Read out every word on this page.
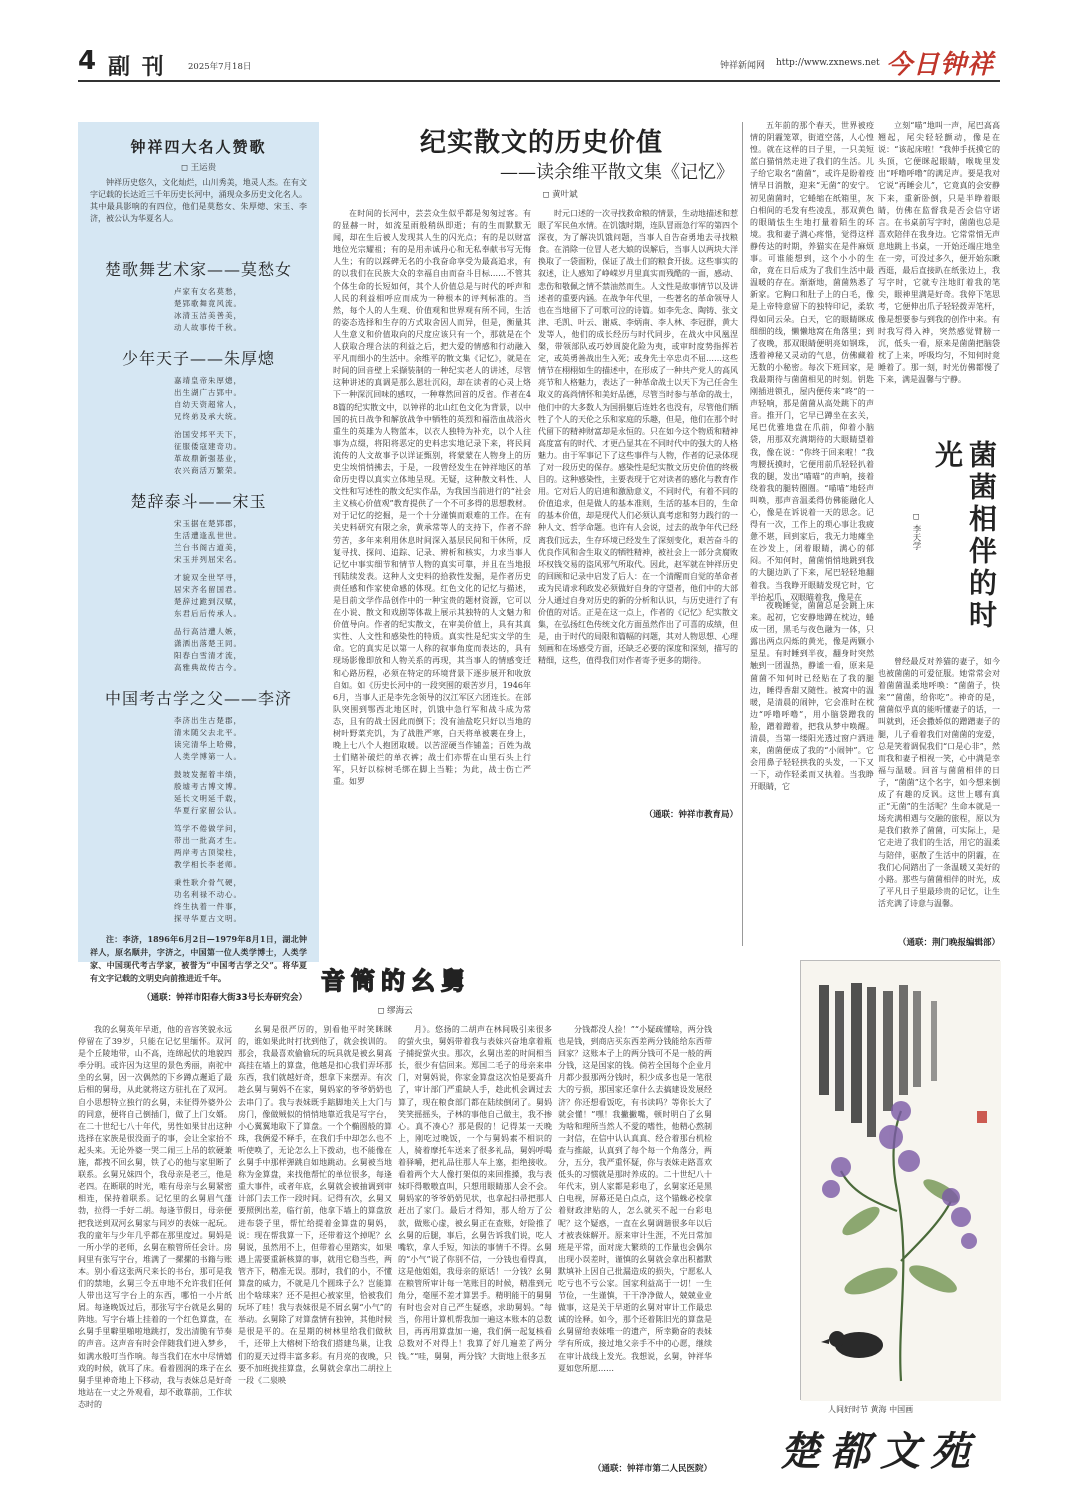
4 副 刊	2025年7月18日	钟祥新闻网 http://www.zxnews.net 今日钟祥
钟祥四大名人赞歌
◻ 王运贵

钟祥历史悠久，文化灿烂，山川秀美，地灵人杰。在有文字记载的长达近三千年历史长河中，涌现众多历史文化名人。其中最具影响的有四位，他们是莫愁女、朱厚熜、宋玉、李济，被公认为华夏名人。

楚歌舞艺术家——莫愁女
卢家有女名莫愁，
楚郢歌舞竟风流。
冰清玉洁美善美，
动人故事传千秋。
少年天子——朱厚熜
嘉靖皇帝朱厚熜，
出生湖广古郢中。
自幼天资超常人，
兄终弟及承大统。
治国安邦平天下，
征服倭寇建奇功。
革故鼎新强基业，
农兴商活万繁荣。
楚辞泰斗——宋玉
宋玉据在楚郢郡，
生活遭逢乱世世。
兰台书阁古道美，
宋玉并列屈宋名。
才貌双全世罕寻，
居宋齐名留国君。
楚辞过跪到汉赋，
东君后后传承人。
品行高洁遭人嫉，
潇洒出落楚王同。
阳春白雪清才流，
高雅典故传古今。
中国考古学之父——李济
李济出生古楚郡，
清末随父去北平。
读完清华上哈佛，
人类学博第一人。
鼓坡发掘着丰绩，
殷墟考古博文博。
延长文明延千载，
华夏行家留公认。
笃学不倦做学问，
带出一批高才生。
两岸考古顶梁柱，
教学相长李老师。
秉性耿介骨气硬，
功名利禄不动心。
终生执着一件事，
探寻华夏古文明。

注：李济，1896年6月2日—1979年8月1日，湖北钟祥人，原名顺井，字济之，中国第一位人类学博士，人类学家、中国现代考古学家，被誉为“中国考古学之父”。将华夏有文字记载的文明史向前推进近千年。

（通联：钟祥市阳春大街33号长寿研究会）
纪实散文的历史价值
——读余维平散文集《记忆》
◻ 黄叶斌

在时间的长河中，芸芸众生似乎都是匆匆过客。有的显赫一时，如流星雨般稍纵即逝；有的生而默默无闻，却在生后被人发现其人生的闪光点；有的是以财富地位光宗耀祖；有的是用赤诚丹心和无私奉献书写无悔人生；有的以踩碑无名的小我奋命享受为最高追求，有的以我们在民族大众的幸福自由而奋斗目标……不管其个体生命的长短如何，其个人价值总是与时代的呼声和人民的利益相呼应而成为一种根本的评判标准的。当然，每个人的人生观、价值观和世界观有所不同，生活的姿态选择和生存的方式取舍因人而异，但是，衡量其人生意义和价值取向的尺度应该只有一个，那就是在个人获取合理合法的利益之后，把大爱的情感和行动融入平凡而细小的生活中。余维平的散文集《记忆》，就是在时间的回音壁上采撷装制的一种纪实老人的讲述，尽管这种讲述的真调是那么恩壮沉闷，却在读者的心灵上烙下一种深沉回味的感叹，一种尊然回首的反省。作者在48篇的纪实散文中，以钟祥的北山红色文化为背景，以中国的抗日战争和解放战争中牺牲的英烈和福浩血战浴火重生的英雄为人物蓝本，以衣人独特为补充，以个人往事为点缀，将阳将恶定的史料忠实地记录下来，将民间流传的人文故事予以详证甄别，将蒙蒙在人物身上的历史尘埃悄悄拂去，于是，一段曾经发生在钟祥地区的革命历史得以真实立体地呈现。无疑，这种散文料性、人文性和写述性的散文纪实作品，为我国当前进行的“社会主义核心价值观”教育提供了一个不可多得的思想教材。对于记忆的挖掘，是一个十分谨慎而艰难的工作。在有关史料研究有限之余，黄承常等人的支持下，作者不辞劳苦，多年来利用休息时间深入基层民间和干休所，反复寻找、探问、追踪、记录、辨析和核实，力求当事人记忆中事实细节和情节人物的真实可靠，并且在当地报刊陆续发表。这种人文史料的拾救性发掘，是作者历史责任感和作家使命感的体现。红色文化的记忆与描述，是目前文学作品创作中的一种宝贵的题材资源，它可以在小说、散文和戏剧等体裁上展示其独特的人文魅力和价值导向。作者的纪实散文，在审美价值上，具有其真实性、人文性和感染性的特质。真实性是纪实文学的生命。它的真实足以第一人称的叙事角度而表达的，具有现场影像即放和人物关系的再现，其当事人的情感变迁和心路历程，必须在特定的环境背景下逐步展开和收放自如。如《历史长河中的一段突围的艰苦岁月，1946年6月，当事人正是李先念领导的汉江军区六团连长。在部队突围到鄂西北地区时，饥饿中急行军和战斗成为常态，且有的战士因此而倒下；没有油盐吃只好以当地的树叶野菜充饥，为了战胜严寒，白天将单被裹在身上，晚上七八个人抱团取暖。以苦涩硬当作铺盖；百姓为战士们赌补破烂的单衣裤；战士们亦帮在山里石头上行军，只好以棕树毛绑在脚上当鞋；为此，战士伤亡严重。如罗

时元口述的一次寻找救命粮的情景，生动地描述和惹眼了军民鱼水情。在饥饿时期，连队冒雨急行军的第四个深夜，为了解决饥饿问题，当事人自告奋勇地去寻找粮食。在消除一位冒人老大娘的误解后，当事人以两块大洋换取了一袋面粉，保证了战士们的粮食开拔。这些事实的叙述，让人感知了峥嵘岁月里真实而残酷的一面，感动、悲伤和敬佩之情不禁油然而生。人文性是故事情节以及讲述者的重要内涵。在战争年代里，一些著名的革命领导人也在当地留下了可歌可泣的诗篇。如李先念、陶铸、张文津、毛凯、叶云、谢威、李炳南、李人林、李冠群，黄大发等人，他们的成长经历与时代同步，在战火中风凰涅槃，带领部队或巧妙周旋化险为夷，或审时度势指挥若定，或英勇善战出生入死；或身先士卒忠贞不屈……这些情节在栩栩如生的描述中，在形成了一种共产党人的高风亮节和人格魅力，表达了一种革命战士以天下为己任舍生取义的高尚情怀和美好品德，尽管当时参与革命的战士，他们中的大多数人为国捐躯后连姓名也没有，尽管他们牺牲了个人的天伦之乐和家庭的乐趣，但是，他们在那个时代留下的精神财富却是永恒的。只在如今这个物质和精神高度富有的时代、才更凸显其在不同时代中的强大的人格魅力。由于军事记下了这些事件与人物，作者的记录体现了对一段历史的保存。感染性是纪实散文历史价值的终极目的。这种感染性，主要表现于它对读者的感化与教育作用。它对后人的启迪和激励意义，不同时代，有着不同的价值追求，但是做人的基本准则，生活的基本目的，生命的基本价值，却是现代人们必须认真考虑和努力践行的一种人文、哲学命题。也许有人会说，过去的战争年代已经离我们远去，生存环境已经发生了深刻变化，艰苦奋斗的优良作风和舍生取义的牺牲精神，被社会上一部分贪腐败坏权钱交易的盗风邪气所取代。因此，赵军就在钟祥历史的回顾和记录中启发了后人：在一个清醒而自觉的革命者或为民请求利政发必须做好自身的守望者，他们中的大部分人通过自身对历史的新的分析和认识，与历史进行了有价值的对话。正是在这一点上，作者的《记忆》纪实散文集，在弘扬红色传统文化方面虽然作出了可喜的成绩，但是，由于时代的局限和篇幅的问题，其对人物思想、心理刻画和在场感受方面，还缺乏必要的深度和深刻，描写的精细，这些，值得我们对作者寄予更多的期待。

（通联：钟祥市教育局）

五年前的那个春天，世界被疫情的阴霾笼罩，街道空荡，人心惶惶。就在这样的日子里，一只美短蓝白猫悄然走进了我们的生活。儿子给它取名“菌菌”，或许是盼着疫情早日消散，迎来“无菌”的安宁。初见菌菌时，它蜷缩在纸箱里，灰白相间的毛发有些凌乱，那双黄色的眼睛怯生生地打量着陌生的环境。我和妻子满心疼惜，觉得这样静传达的时期，养猫实在是件麻烦事。可谁能想到，这个小小的生命，竟在日后成为了我们生活中最温暖的存在。渐渐地，菌菌熟悉了新家。它胸口和肚子上的白毛，像是上帝特意留下的独特印记，柔软得如同云朵。白天，它的眼睛眯成细细的线，懒懒地窝在角落里；到了夜晚，那双眼睛便明亮如钢珠，透着神秘又灵动的气息，仿佛藏着无数的小秘密。每次下班回家，是我最期待与菌菌相见的时刻。钥匙刚插进锁孔，屋内便传来“咚”的一声轻响，那是菌菌从高处跳下的声音。推开门，它早已蹲坐在玄关，尾巴优雅地盘在爪前，仰着小脑袋，用那双充满期待的大眼睛望着我，像在说：“你终于回来啦！”我弯腰抚摸时，它便用前爪轻轻扒着我的腿，发出“喵喵”的声响，接着绕着我的腿转圈圈。“喵喵”地轻声叫唤，那声音温柔得仿佛能融化人心，像是在诉说着一天的思念。记得有一次，工作上的琐心事让我疲惫不堪，回到家后，我无力地瘫坐在沙发上，闭着眼睛，满心的郁闷。不知何时，菌菌悄悄地跳到我的大腿边趴了下来，尾巴轻轻地翻着我。当我睁开眼睛发现它时，它半抬起爪，双眼瞄着我，像是在

立刻“喵”地叫一声，尾巴高高翘起，尾尖轻轻颤动，像是在说：“该起床啦！”我伸手抚摸它的头顶，它便眯起眼睛，喉咙里发出“呼噜呼噜”的满足声。要是我对它说“再睡会儿”，它竟真的会安静下来，重新卧倒，只是半睁着眼睛，仿佛在监督我是否会信守诺言。在书桌前写字时，菌菌也总是喜欢陪伴在我身边。它常常悄无声息地跳上书桌，一开始还端庄地坐在一旁，可没过多久，便开始东瞅西逛，最后直接趴在纸张边上，我写字时，它就专注地盯着我的笔尖，眼神里满是好奇。我停下笔思考，它便伸出爪子轻轻拨弄笔杆，像是想要参与到我的创作中来。有时我写得入神，突然感觉臂膀一沉，低头一看，原来是菌菌把脑袋枕了上来，呼吸均匀，不知何时竟睡着了。那一刻，时光仿佛都慢了下来，满是温馨与宁静。

菌菌相伴的时光
◻ 李天学

夜晚睡觉，菌菌总是会跳上床来。起初，它安静地蹲在枕边，蜷成一团，黑毛与夜色融为一体，只露出两点闪烁的黄光，像是两颗小星星。有时睡到半夜，翻身时突然触到一团温热，静谧一看，原来是菌菌不知何时已经贴在了我的腿边，睡得香甜又随性。被窝中的温暖，是清晨的闹钟，它会准时在枕边“呼噜呼噜”，用小脑袋蹭我的脸，蹭着蹭着，把我从梦中唤醒。清晨，当第一缕阳光透过窗户洒进来，菌菌便成了我的“小闹钟”。它会用鼻子轻轻拱我的头发，一下又一下，动作轻柔而又执着。当我睁开眼睛，它

曾经最反对养猫的妻子，如今也被菌菌的可爱征服。她常常会对着菌菌温柔地呼唤：“菌菌子，快来”“菌菌，给你吃”。神奇的是，菌菌似乎真的能听懂妻子的话，一叫就到，还会撒娇似的蹭蹭妻子的腿，儿子看着我们对菌菌的宠爱，总是笑着调侃我们“口是心非”，然而我和妻子相视一笑，心中满是幸福与温暖。回首与菌菌相伴的日子，“菌菌”这个名字，如今想来倒成了有趣的反讽。这世上哪有真正“无菌”的生活呢？生命本就是一场充满相遇与交融的旅程，原以为是我们救养了菌菌，可实际上，是它走进了我们的生活，用它的温柔与陪伴，驱散了生活中的阴霾，在我们心间踏出了一条温暖又美好的小路。那些与菌菌相伴的时光，成了平凡日子里最珍贵的记忆，让生活充满了诗意与温馨。

（通联：荆门晚报编辑部）
音筒的幺舅
◻ 缪海云

我的幺舅英年早逝，他的音容笑貌永远停留在了39岁，只能在记忆里缅怀。双河是个丘陵地带，山不高，连绵起伏的地貌四季分明。或许因为这里的景色秀丽，南驼中坐的幺舅，因一次偶然的下乡蹲点邂逅了最后相的舅母，从此就将这方驻扎在了双河。自小思想特立独行的幺舅，未征得外婆外公的同意，便将自己倒插门，做了上门女婿。在二十世纪七八十年代，男性如果甘出这种选择在家族是很没面子的事，会让全家抬不起头来。无论外婆一哭二闹三上吊的软硬兼施，都拽不回幺舅，铁了心的他与家里断了联系。幺舅兄妹四个，我母亲是老三，他是老四。在断联的时光，唯有母亲与幺舅紧密相连，保持着联系。记忆里的幺舅眉气蓬勃，拉得一手好二胡。每逢节假日，母亲便把我送到双河幺舅家与同岁的表妹一起玩。我的童年与少年几乎都在那里度过。舅妈是一所小学的老师，幺舅在粮管所任会计。房间里有张写字台，堆满了一摞摞的书籍与账本。别小看这张两尺来长的书台，那可是我们的禁地，幺舅三令五申地不允许我们任何人带出这写字台上的东西，哪怕一小片纸屑。每逢晚饭过后，那张写字台就是幺舅的阵地。写字台墙上挂着的一个红色算盘，在幺舅手里噼里啪啦地跳打，发出清脆有节奏的声音。这声音有时会伴随我们进入梦乡，如满水般叮当作响。每当我们在水中尽情嬉戏的时候，就耳了床。看着圆润的珠子在幺舅手里神奇地上下移动，我与表妹总是好奇地站在一丈之外观看，却不敢靠前，工作状态时的

幺舅是很严厉的，别看他平时笑眯眯的，谁如果此时打扰到他了，就会挨训的。那会，我最喜欢偷偷玩的玩具就是被幺舅高高挂在墙上的算盘，他越是扣心我们弄坏那东西，我们就越好奇，想拿下来摆弄。有次趁幺舅与舅妈不在家，舅妈家的爷爷奶奶也去串门了。我与表妹既手踮脚地关上大门与房门，像做贼似的悄悄地靠近我是写字台，小心翼翼地取下了算盘。一个个椭圆般的算珠，我俩爱不释手，在我们手中却怎么也不听使唤了，无论怎么上下拨动，也不能像在幺舅手中那样弹跳自如地跳动。幺舅被当地称为金算盘，来找他帮忙的单位很多，每逢重大事件，或者年底，幺舅就会被抽调到审计部门去工作一段时间。记得有次，幺舅又要照例出差，临行前，他拿下墙上的算盘放进布袋子里，帮忙给提着金算盘的舅妈，说：现在帮我算一下，还带着这个掉呢？幺舅说，虽然用不上，但带着心里踏实，如果遇上需要重新核算的事，就用它稳当些，两管齐下，精准无误。那时，我们的小，不懂算盘的威力，不就是几个圆珠子么？岂能算出个啥球来？还不是担心被家里，恰被我们玩坏了哇！我与表妹很是不屑幺舅“小气”的举动。幺舅除了对算盘情有独钟，其他时候是很是平的。在星期的树林里给我们做秋千，还带上大榕树下给我们搭建鸟巢，让我们的夏天过得丰富多彩。有月亮的夜晚，只要不加班拢挂算盘，幺舅就会拿出二胡拉上一段《二泉映

月》。悠扬的二胡声在林间吸引来很多的萤火虫，舅妈带着我与表妹兴奋地拿着瓶子捕捉萤火虫。那次，幺舅出差的时间相当长，很少有信回来。郑国二毛子的母亲来串门，对舅妈说，你家金算盘这次怕是要高升了，审计部门严重缺人手，趁此机会调过去算了，现在粮食部门都在陆续倒闭了。舅妈笑笑摇摇头，子林的事他自己做主，我不掺心。真不凑心？那是假的！记得某一天晚上，刚吃过晚饭，一个与舅妈素不相识的人，骑着摩托车送来了很多礼品，舅妈呼喝着驿嚼，把礼品往那人车上塞，拒绝接收。看着两个大人像打架似的来回推搡，我与表妹吓得嗷嗷直叫，只想用眼睛那人会不会。舅妈家的爷爷奶奶见状，也拿起扫帚把那人赶出了家门。最后才得知，那人给万了公款，做账心虚，被幺舅正在查账，好险推了幺舅的后腿，事后，幺舅告诉我们说，吃人嘴软，拿人手短，知法的事情千不得。幺舅的“小气”说了你别不信，一分钱也看得真，这是他姐姐，我母亲的原话！一分钱？幺舅在粮管所审计每一笔账目的时候，精准到元角分，毫厘不差才算罢手。精明能干的舅舅有时也会对自己严生疑惑，求助舅妈。“每当，你用计算机帮我加一遍这本账本的总数目，再再用算盘加一遍，我们俩一起复核看总数对不对得上！我算了好几遍差了两分钱。”“哇，舅舅，两分钱？大街地上很多五

分钱都没人捡！”“小疑疏懂啥，两分钱也是钱，到商店买东西差两分钱能给东西带回家？这账本子上的两分钱可不是一般的两分钱，这是国家的钱。倘若全国每个企业月月都少报那两分钱时，积少成多也是一笔很大的亏损，那国家还拿什么去搞建设发展经济？你还想看饭吃，有书读吗？等你长大了就会懂！”嘿！我撇撇嘴，顿时明白了幺舅为啥和理所当然人不愛的嗜性，他精心熬制一封信，在信中认认真真、经合着那台机检查与推敲，认真到了每个每一个角落分，两分，五分，我严重怀疑，你与表妹走路喜欢低头的习惯就是那时养成的。二十世纪八十年代末，别人家都是彩电了，幺舅家还是黑白电视，屏幕还是白点点，这个锚蛛必校拿着财政津贴的人，怎么就买不起一台彩电呢？这个疑惑，一直在幺舅调谐很多年以后才被表妹解开。原来审计生涯，不光日常加班是平常，面对庞大繁琐的工作量也会偶尔出现小误差时，谨慎的幺舅就会拿出积蓄默默填补上因自己批漏造成的损失，宁愿私人吃亏也不亏公家。国家利益高于一切！一生节俭，一生谨慎，干干净净做人，兢兢业业做事，这是关于早逝的幺舅对审计工作最忠诚的诠释。如今，那个还着陈旧光的算盘是幺舅留给表妹唯一的遗产，所幸勤奋的表妹学有所成，接过地父亲手不中的心愿，继续在审计战线上发光。我想说，幺舅，钟祥华夏如您所愿……

（通联：钟祥市第二人民医院）
人间好时节 黄海 中国画
楚都文苑
